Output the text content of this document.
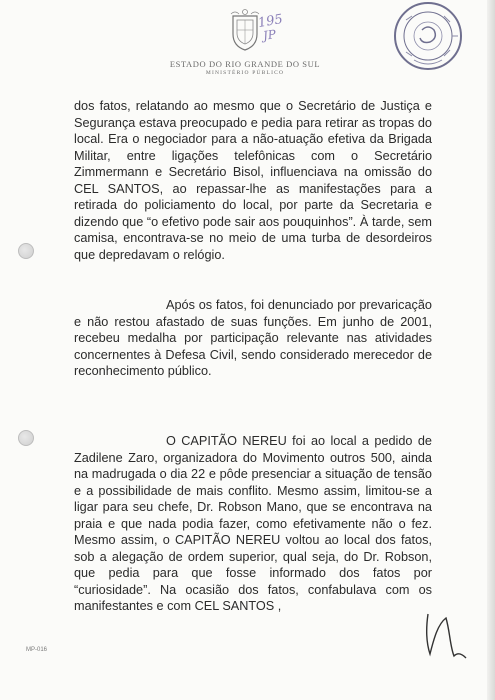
ESTADO DO RIO GRANDE DO SUL
MINISTÉRIO PÚBLICO
195
JP
dos fatos, relatando ao mesmo que o Secretário de Justiça e Segurança estava preocupado e pedia para retirar as tropas do local. Era o negociador para a não-atuação efetiva da Brigada Militar, entre ligações telefônicas com o Secretário Zimmermann e Secretário Bisol, influenciava na omissão do CEL SANTOS, ao repassar-lhe as manifestações para a retirada do policiamento do local, por parte da Secretaria e dizendo que “o efetivo pode sair aos pouquinhos”. À tarde, sem camisa, encontrava-se no meio de uma turba de desordeiros que depredavam o relógio.
Após os fatos, foi denunciado por prevaricação e não restou afastado de suas funções. Em junho de 2001, recebeu medalha por participação relevante nas atividades concernentes à Defesa Civil, sendo considerado merecedor de reconhecimento público.
O CAPITÃO NEREU foi ao local a pedido de Zadilene Zaro, organizadora do Movimento outros 500, ainda na madrugada o dia 22 e pôde presenciar a situação de tensão e a possibilidade de mais conflito. Mesmo assim, limitou-se a ligar para seu chefe, Dr. Robson Mano, que se encontrava na praia e que nada podia fazer, como efetivamente não o fez. Mesmo assim, o CAPITÃO NEREU voltou ao local dos fatos, sob a alegação de ordem superior, qual seja, do Dr. Robson, que pedia para que fosse informado dos fatos por “curiosidade”. Na ocasião dos fatos, confabulava com os manifestantes e com CEL SANTOS ,
MP-016
